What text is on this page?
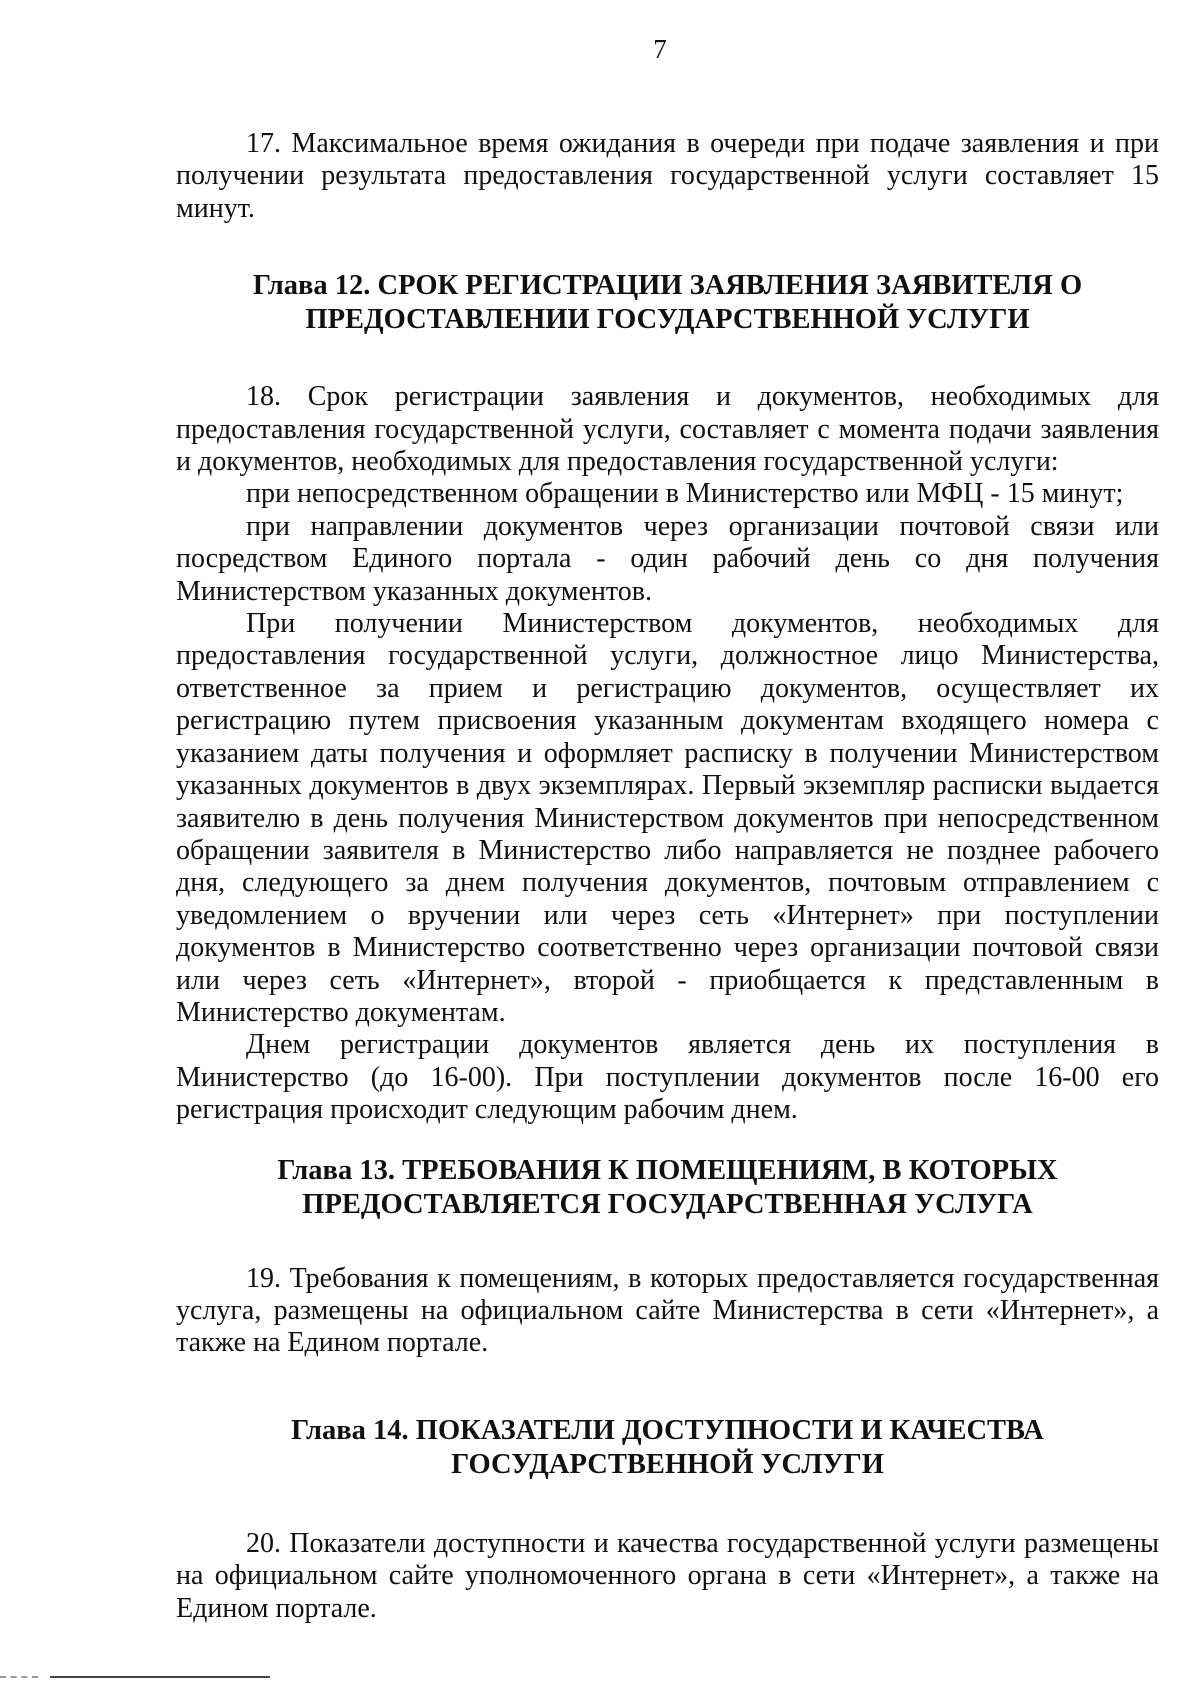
7

17. Максимальное время ожидания в очереди при подаче заявления и при получении результата предоставления государственной услуги составляет 15 минут.

Глава 12. СРОК РЕГИСТРАЦИИ ЗАЯВЛЕНИЯ ЗАЯВИТЕЛЯ О
ПРЕДОСТАВЛЕНИИ ГОСУДАРСТВЕННОЙ УСЛУГИ

18. Срок регистрации заявления и документов, необходимых для предоставления государственной услуги, составляет с момента подачи заявления и документов, необходимых для предоставления государственной услуги:

при непосредственном обращении в Министерство или МФЦ - 15 минут;

при направлении документов через организации почтовой связи или посредством Единого портала - один рабочий день со дня получения Министерством указанных документов.

При получении Министерством документов, необходимых для предоставления государственной услуги, должностное лицо Министерства, ответственное за прием и регистрацию документов, осуществляет их регистрацию путем присвоения указанным документам входящего номера с указанием даты получения и оформляет расписку в получении Министерством указанных документов в двух экземплярах. Первый экземпляр расписки выдается заявителю в день получения Министерством документов при непосредственном обращении заявителя в Министерство либо направляется не позднее рабочего дня, следующего за днем получения документов, почтовым отправлением с уведомлением о вручении или через сеть «Интернет» при поступлении документов в Министерство соответственно через организации почтовой связи или через сеть «Интернет», второй - приобщается к представленным в Министерство документам.

Днем регистрации документов является день их поступления в Министерство (до 16-00). При поступлении документов после 16-00 его регистрация происходит следующим рабочим днем.

Глава 13. ТРЕБОВАНИЯ К ПОМЕЩЕНИЯМ, В КОТОРЫХ
ПРЕДОСТАВЛЯЕТСЯ ГОСУДАРСТВЕННАЯ УСЛУГА

19. Требования к помещениям, в которых предоставляется государственная услуга, размещены на официальном сайте Министерства в сети «Интернет», а также на Едином портале.

Глава 14. ПОКАЗАТЕЛИ ДОСТУПНОСТИ И КАЧЕСТВА
ГОСУДАРСТВЕННОЙ УСЛУГИ

20. Показатели доступности и качества государственной услуги размещены на официальном сайте уполномоченного органа в сети «Интернет», а также на Едином портале.
